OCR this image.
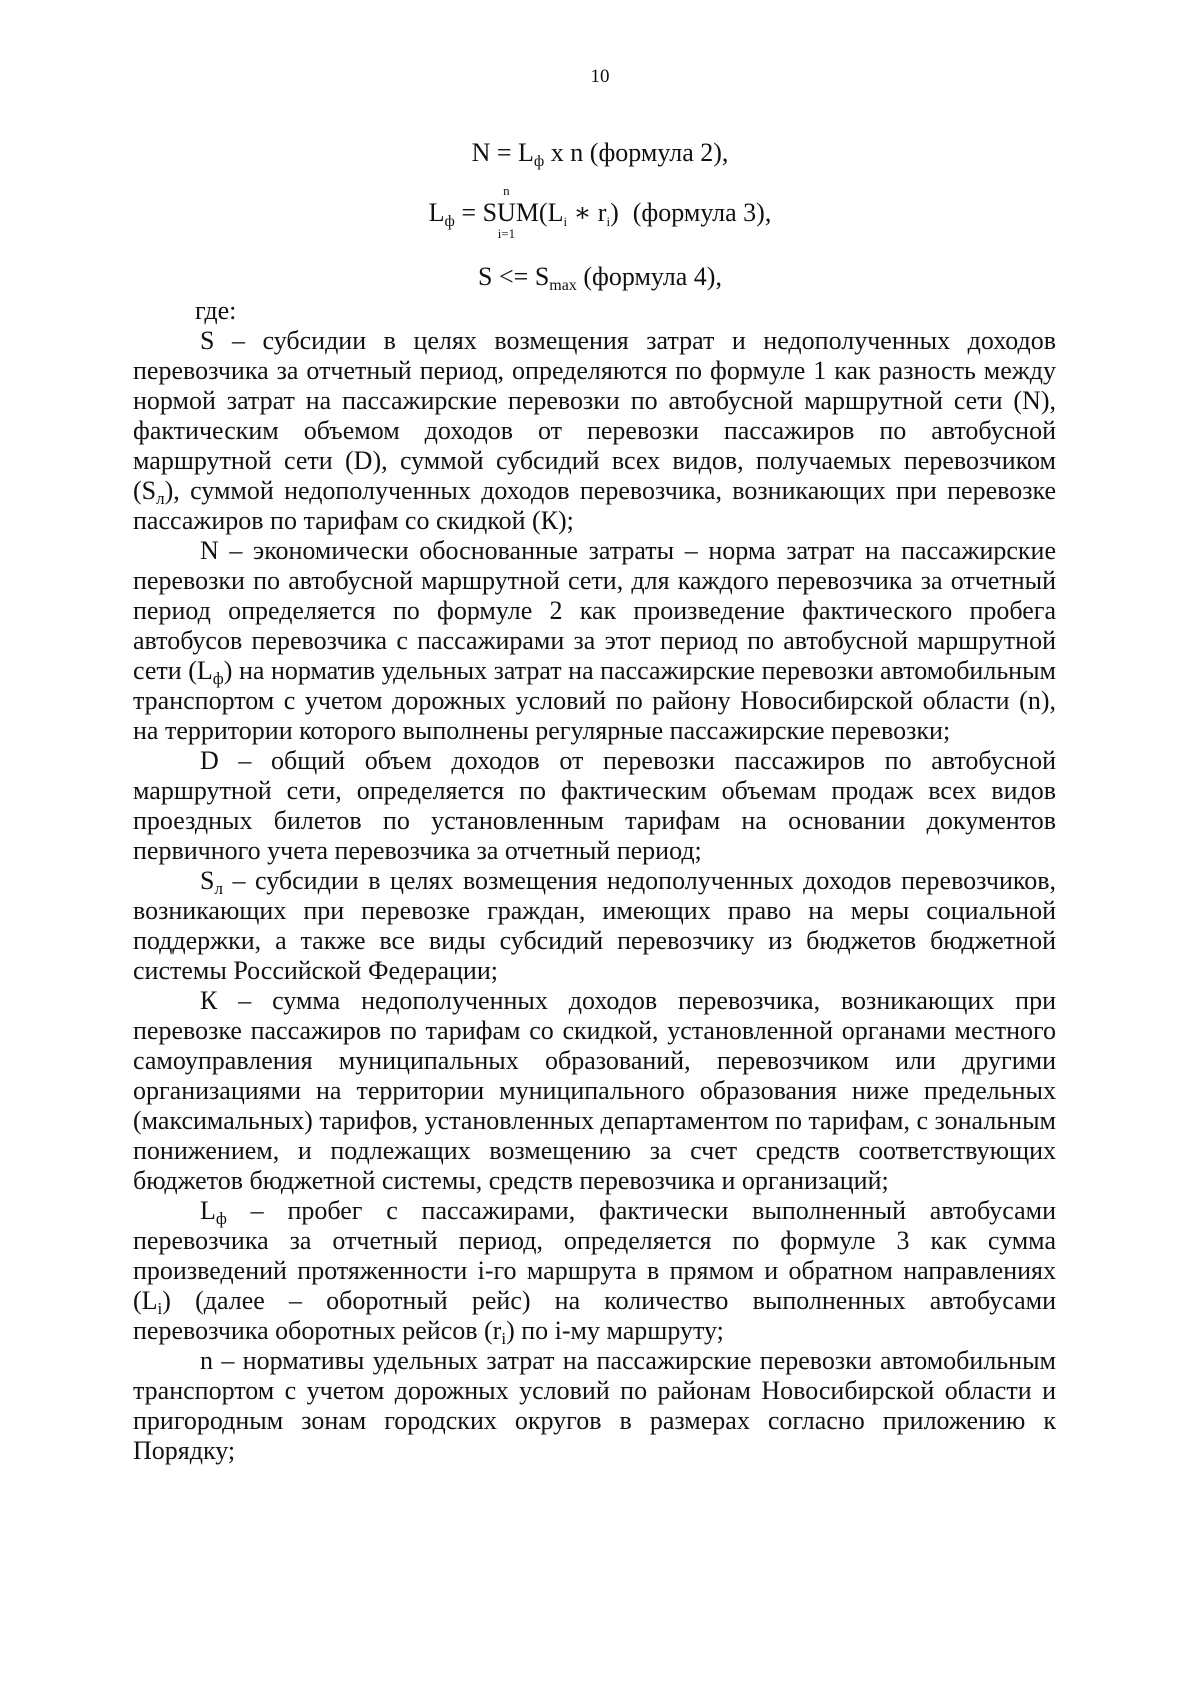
10
N = Lф x n (формула 2),
Lф = S
n
U
i=1
M(Li ∗ ri) (формула 3),
S <= Smax (формула 4),

где:

S – субсидии в целях возмещения затрат и недополученных доходов перевозчика за отчетный период, определяются по формуле 1 как разность между нормой затрат на пассажирские перевозки по автобусной маршрутной сети (N), фактическим объемом доходов от перевозки пассажиров по автобусной маршрутной сети (D), суммой субсидий всех видов, получаемых перевозчиком $(S_л)$, суммой недополученных доходов перевозчика, возникающих при перевозке пассажиров по тарифам со скидкой (К);

N – экономически обоснованные затраты – норма затрат на пассажирские перевозки по автобусной маршрутной сети, для каждого перевозчика за отчетный период определяется по формуле 2 как произведение фактического пробега автобусов перевозчика с пассажирами за этот период по автобусной маршрутной сети $(L_ф)$ на норматив удельных затрат на пассажирские перевозки автомобильным транспортом с учетом дорожных условий по району Новосибирской области (n), на территории которого выполнены регулярные пассажирские перевозки;

D – общий объем доходов от перевозки пассажиров по автобусной маршрутной сети, определяется по фактическим объемам продаж всех видов проездных билетов по установленным тарифам на основании документов первичного учета перевозчика за отчетный период;

$S_л$ – субсидии в целях возмещения недополученных доходов перевозчиков, возникающих при перевозке граждан, имеющих право на меры социальной поддержки, а также все виды субсидий перевозчику из бюджетов бюджетной системы Российской Федерации;

К – сумма недополученных доходов перевозчика, возникающих при перевозке пассажиров по тарифам со скидкой, установленной органами местного самоуправления муниципальных образований, перевозчиком или другими организациями на территории муниципального образования ниже предельных (максимальных) тарифов, установленных департаментом по тарифам, с зональным понижением, и подлежащих возмещению за счет средств соответствующих бюджетов бюджетной системы, средств перевозчика и организаций;

$L_ф$ – пробег с пассажирами, фактически выполненный автобусами перевозчика за отчетный период, определяется по формуле 3 как сумма произведений протяженности i-го маршрута в прямом и обратном направлениях $(L_i)$ (далее – оборотный рейс) на количество выполненных автобусами перевозчика оборотных рейсов $(r_i)$ по i-му маршруту;

n – нормативы удельных затрат на пассажирские перевозки автомобильным транспортом с учетом дорожных условий по районам Новосибирской области и пригородным зонам городских округов в размерах согласно приложению к Порядку;
